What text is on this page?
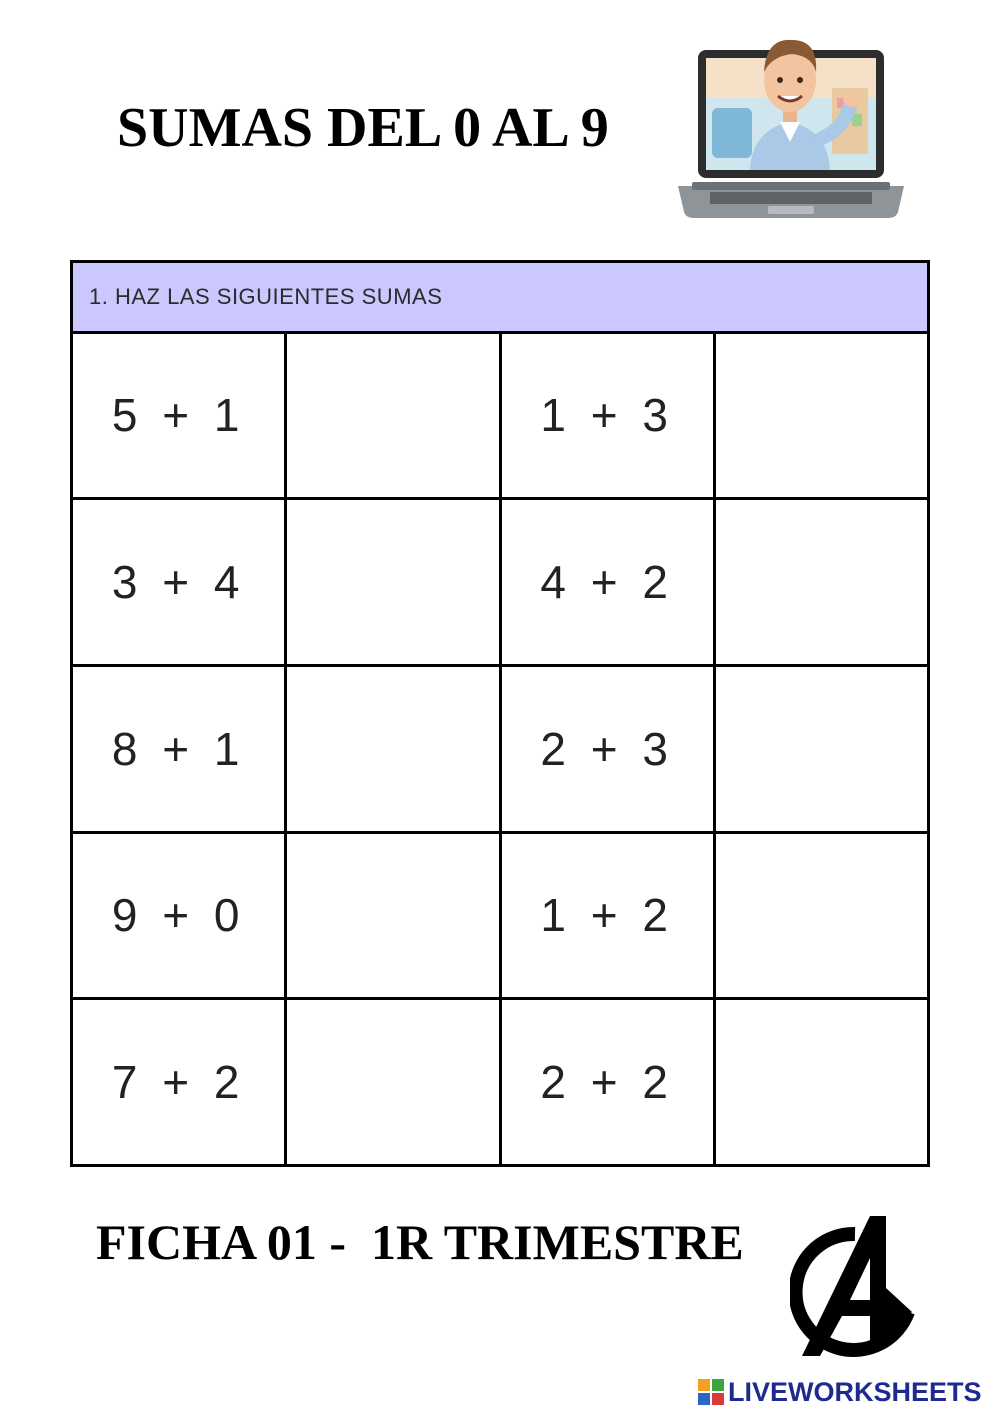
SUMAS DEL 0 AL 9
1. HAZ LAS SIGUIENTES SUMAS			
5 + 1		1 + 3	
3 + 4		4 + 2	
8 + 1		2 + 3	
9 + 0		1 + 2	
7 + 2		2 + 2	
FICHA 01 -  1R TRIMESTRE
LIVEWORKSHEETS
